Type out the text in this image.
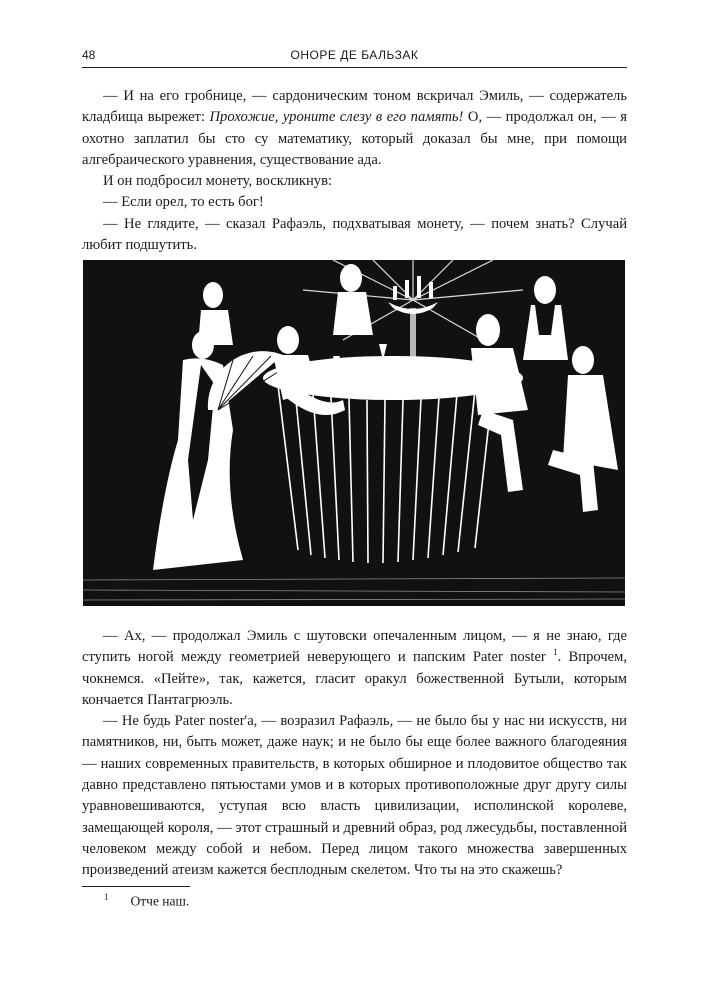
48	ОНОРЕ ДЕ БАЛЬЗАК

— И на его гробнице, — сардоническим тоном вскричал Эмиль, — содержатель кладбища вырежет: Прохожие, уроните слезу в его память! О, — продолжал он, — я охотно заплатил бы сто су математику, который доказал бы мне, при помощи алгебраического уравнения, существование ада.

И он подбросил монету, воскликнув:

— Если орел, то есть бог!

— Не глядите, — сказал Рафаэль, подхватывая монету, — почем знать? Случай любит подшутить.

— Ах, — продолжал Эмиль с шутовски опечаленным лицом, — я не знаю, где ступить ногой между геометрией неверующего и папским Pater noster $^1$. Впрочем, чокнемся. «Пейте», так, кажется, гласит оракул божественной Бутыли, которым кончается Пантагрюэль.

— Не будь Pater noster'а, — возразил Рафаэль, — не было бы у нас ни искусств, ни памятников, ни, быть может, даже наук; и не было бы еще более важного благодеяния — наших современных правительств, в которых обширное и плодовитое общество так давно представлено пятьюстами умов и в которых противоположные друг другу силы уравновешиваются, уступая всю власть цивилизации, исполинской королеве, замещающей короля, — этот страшный и древний образ, род лжесудьбы, поставленной человеком между собой и небом. Перед лицом такого множества завершенных произведений атеизм кажется бесплодным скелетом. Что ты на это скажешь?

$^1$ Отче наш.
